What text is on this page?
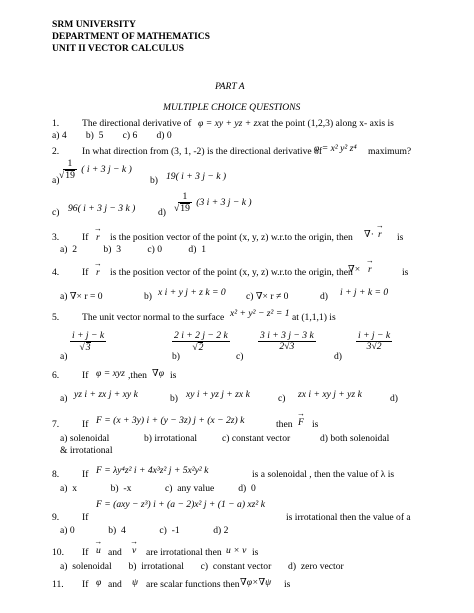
SRM UNIVERSITY
DEPARTMENT OF MATHEMATICS
UNIT II VECTOR CALCULUS
PART A
MULTIPLE CHOICE QUESTIONS
1. The directional derivative of φ = xy + yz + zx at the point (1,2,3) along x- axis is
a) 4        b)  5        c) 6        d) 0
2. In what direction from (3, 1, -2) is the directional derivative of
φ = x² y² z⁴ maximum?
a)
1
√ 19 ( i + 3 j − k )
b) 19( i + 3 j − k )
c) 96( i + 3 j − 3 k ) d) 1
√ 19 (3 i + 3 j − k )
3. If → r is the position vector of the point (x, y, z) w.r.to the origin, then ∇· → r is
a)  2           b)  3           c) 0           d)  1
4. If → r is the position vector of the point (x, y, z) w.r.to the origin, then
∇× → r	is
a) ∇× r = 0	b) x i + y j + z k = 0 c) ∇× r ≠ 0	d) i + j + k = 0
5. The unit vector normal to the surface x² + y² − z² = 1 at (1,1,1) is
a)
i + j − k
√ 3
b)
2 i + 2 j − 2 k
√ 2
c)
$\frac{3 i + 3 j - 3 k}{2√3}$
d)
$\frac{i + j - k}{3√2}$
6. If φ = xyz ,then ∇φ is
a) yz i + zx j + xy k	b) xy i + yz j + zx k	c) zx i + xy j + yz k	d)
7. If F = (x + 3y) i + (y − 3z) j + (x − 2z) k	then → F is
a) solenoidal	b) irrotational	c) constant vector	d) both solenoidal
& irrotational
8. If F = λy⁴z² i + 4x³z² j + 5x²y² k	is a solenoidal , then the value of λ is
a)  x              b)  -x              c)  any value          d)  0
9. If
F = (axy − z³) i + (a − 2)x² j + (1 − a) xz² k
is irrotational then the value of a
a) 0              b)  4              c)  -1              d) 2
10. If → u and → v are irrotational then u × v is
a)  solenoidal       b)  irrotational       c)  constant vector       d)  zero vector
11. If φ and ψ are scalar functions then ∇φ×∇ψ is
